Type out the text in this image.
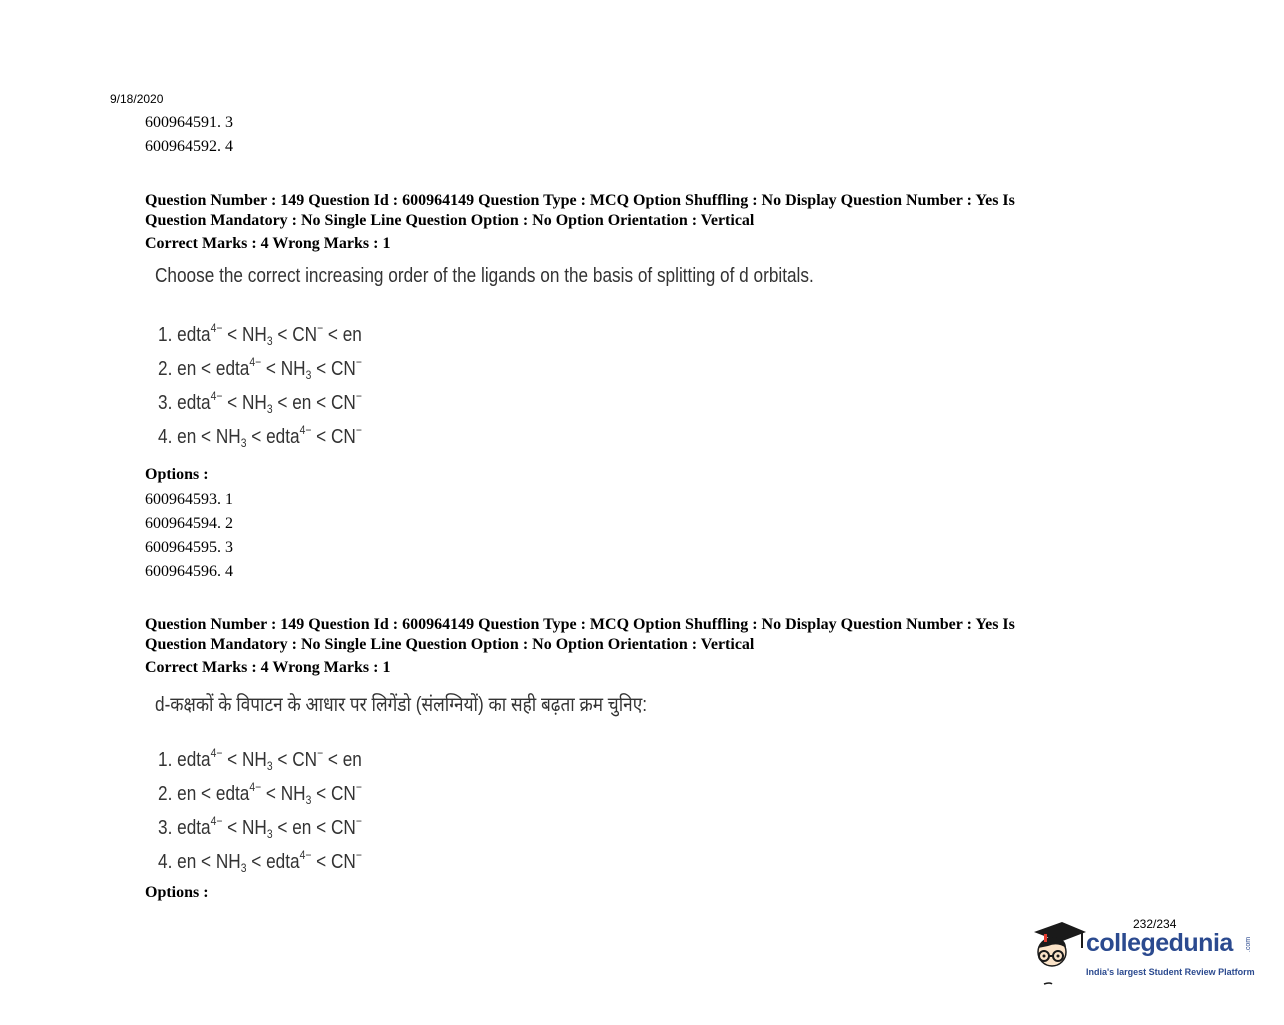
9/18/2020
600964591. 3
600964592. 4
Question Number : 149 Question Id : 600964149 Question Type : MCQ Option Shuffling : No Display Question Number : Yes Is
Question Mandatory : No Single Line Question Option : No Option Orientation : Vertical
Correct Marks : 4 Wrong Marks : 1
Choose the correct increasing order of the ligands on the basis of splitting of d orbitals.
1. edta$^{4-}$ < $NH_3 < CN^-$ < en
2. en < edta$^{4-}$ < $NH_3 < CN^-$
3. edta$^{4-}$ < $NH_3$ < en < CN−
4. en < $NH_3$ < edta$^{4-}$ < CN−
Options :
600964593. 1
600964594. 2
600964595. 3
600964596. 4
Question Number : 149 Question Id : 600964149 Question Type : MCQ Option Shuffling : No Display Question Number : Yes Is
Question Mandatory : No Single Line Question Option : No Option Orientation : Vertical
Correct Marks : 4 Wrong Marks : 1
d-कक्षकों के विपाटन के आधार पर लिगेंडो (संलग्नियों) का सही बढ़ता क्रम चुनिए:
1. edta$^{4-}$ < $NH_3 < CN^-$ < en
2. en < edta$^{4-}$ < $NH_3 < CN^-$
3. edta$^{4-}$ < $NH_3$ < en < CN−
4. en < $NH_3$ < edta$^{4-}$ < CN−
Options :
232/234
collegedunia .com
India's largest Student Review Platform
